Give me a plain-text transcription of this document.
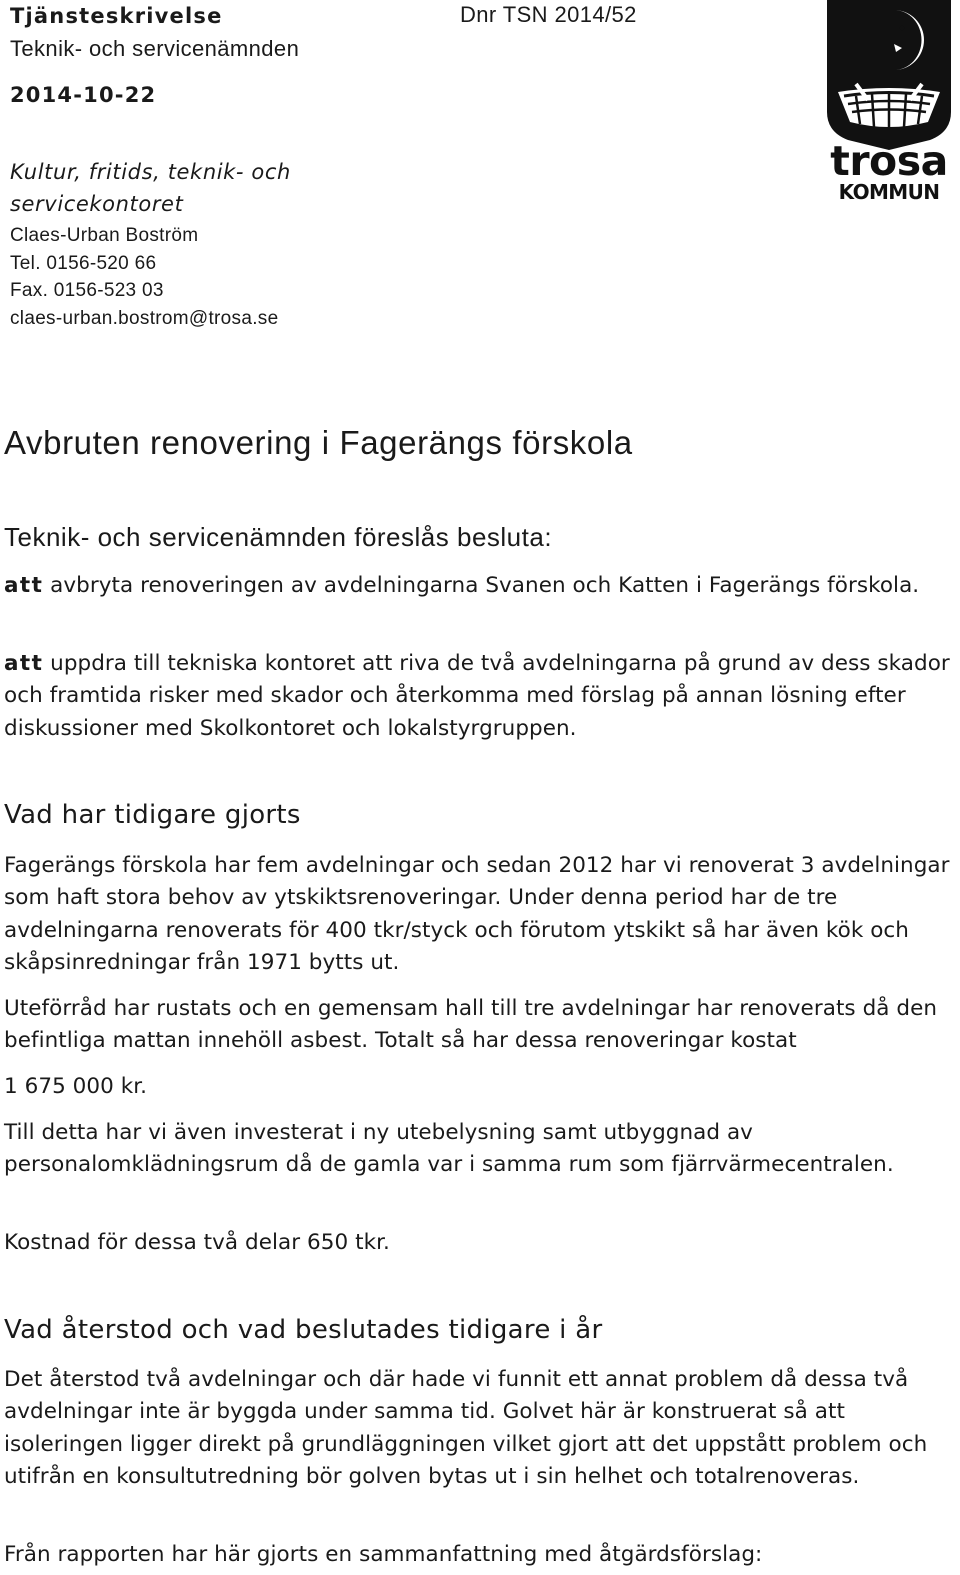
Tjänsteskrivelse
Teknik- och servicenämnden
2014-10-22
Dnr TSN 2014/52
Kultur, fritids, teknik- och
servicekontoret
Claes-Urban Boström
Tel. 0156-520 66
Fax. 0156-523 03
claes-urban.bostrom@trosa.se
trosa
KOMMUN
Avbruten renovering i Fagerängs förskola
Teknik- och servicenämnden föreslås besluta:
att avbryta renoveringen av avdelningarna Svanen och Katten i Fagerängs förskola.
att uppdra till tekniska kontoret att riva de två avdelningarna på grund av dess skador och framtida risker med skador och återkomma med förslag på annan lösning efter diskussioner med Skolkontoret och lokalstyrgruppen.
Vad har tidigare gjorts
Fagerängs förskola har fem avdelningar och sedan 2012 har vi renoverat 3 avdelningar som haft stora behov av ytskiktsrenoveringar. Under denna period har de tre avdelningarna renoverats för 400 tkr/styck och förutom ytskikt så har även kök och skåpsinredningar från 1971 bytts ut.
Uteförråd har rustats och en gemensam hall till tre avdelningar har renoverats då den befintliga mattan innehöll asbest. Totalt så har dessa renoveringar kostat
1 675 000 kr.
Till detta har vi även investerat i ny utebelysning samt utbyggnad av personalomklädningsrum då de gamla var i samma rum som fjärrvärmecentralen.
Kostnad för dessa två delar 650 tkr.
Vad återstod och vad beslutades tidigare i år
Det återstod två avdelningar och där hade vi funnit ett annat problem då dessa två avdelningar inte är byggda under samma tid. Golvet här är konstruerat så att isoleringen ligger direkt på grundläggningen vilket gjort att det uppstått problem och utifrån en konsultutredning bör golven bytas ut i sin helhet och totalrenoveras.
Från rapporten har här gjorts en sammanfattning med åtgärdsförslag:
